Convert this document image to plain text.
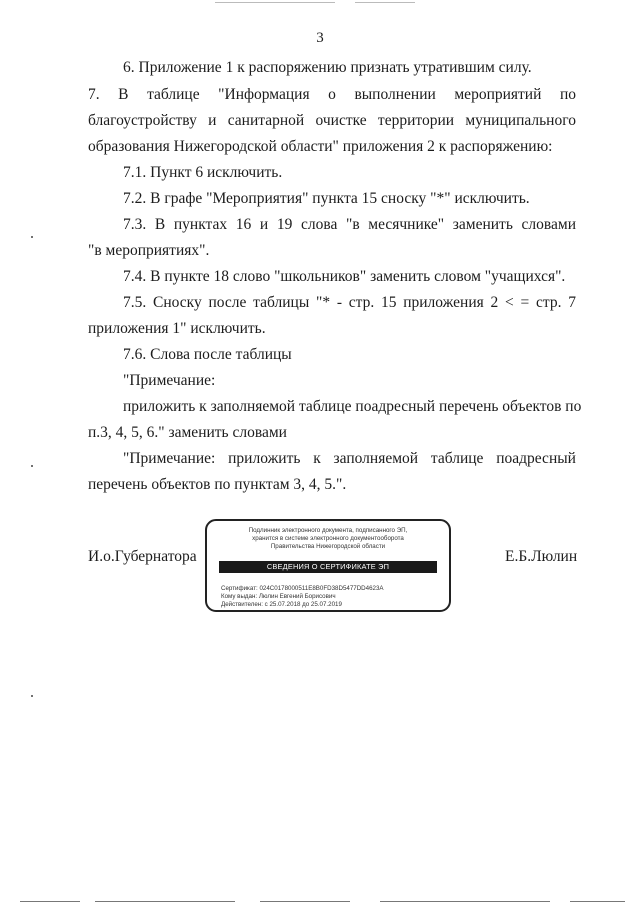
3
6. Приложение 1 к распоряжению признать утратившим силу.
7. В таблице "Информация о выполнении мероприятий по
благоустройству и санитарной очистке территории муниципального
образования Нижегородской области" приложения 2 к распоряжению:
7.1. Пункт 6 исключить.
7.2. В графе "Мероприятия" пункта 15 сноску "*" исключить.
7.3. В пунктах 16 и 19 слова "в месячнике" заменить словами
"в мероприятиях".
7.4. В пункте 18 слово "школьников" заменить словом "учащихся".
7.5. Сноску после таблицы "* - стр. 15 приложения 2 < = стр. 7
приложения 1" исключить.
7.6. Слова после таблицы
"Примечание:
приложить к заполняемой таблице поадресный перечень объектов по
п.3, 4, 5, 6." заменить словами
"Примечание: приложить к заполняемой таблице поадресный
перечень объектов по пунктам 3, 4, 5.".
И.о.Губернатора
Подлинник электронного документа, подписанного ЭП,
хранится в системе электронного документооборота
Правительства Нижегородской области
СВЕДЕНИЯ О СЕРТИФИКАТЕ ЭП
Сертификат: 024C0178000511E8B0FD38D5477DD4623A
Кому выдан: Люлин Евгений Борисович
Действителен: с 25.07.2018 до 25.07.2019
Е.Б.Люлин
